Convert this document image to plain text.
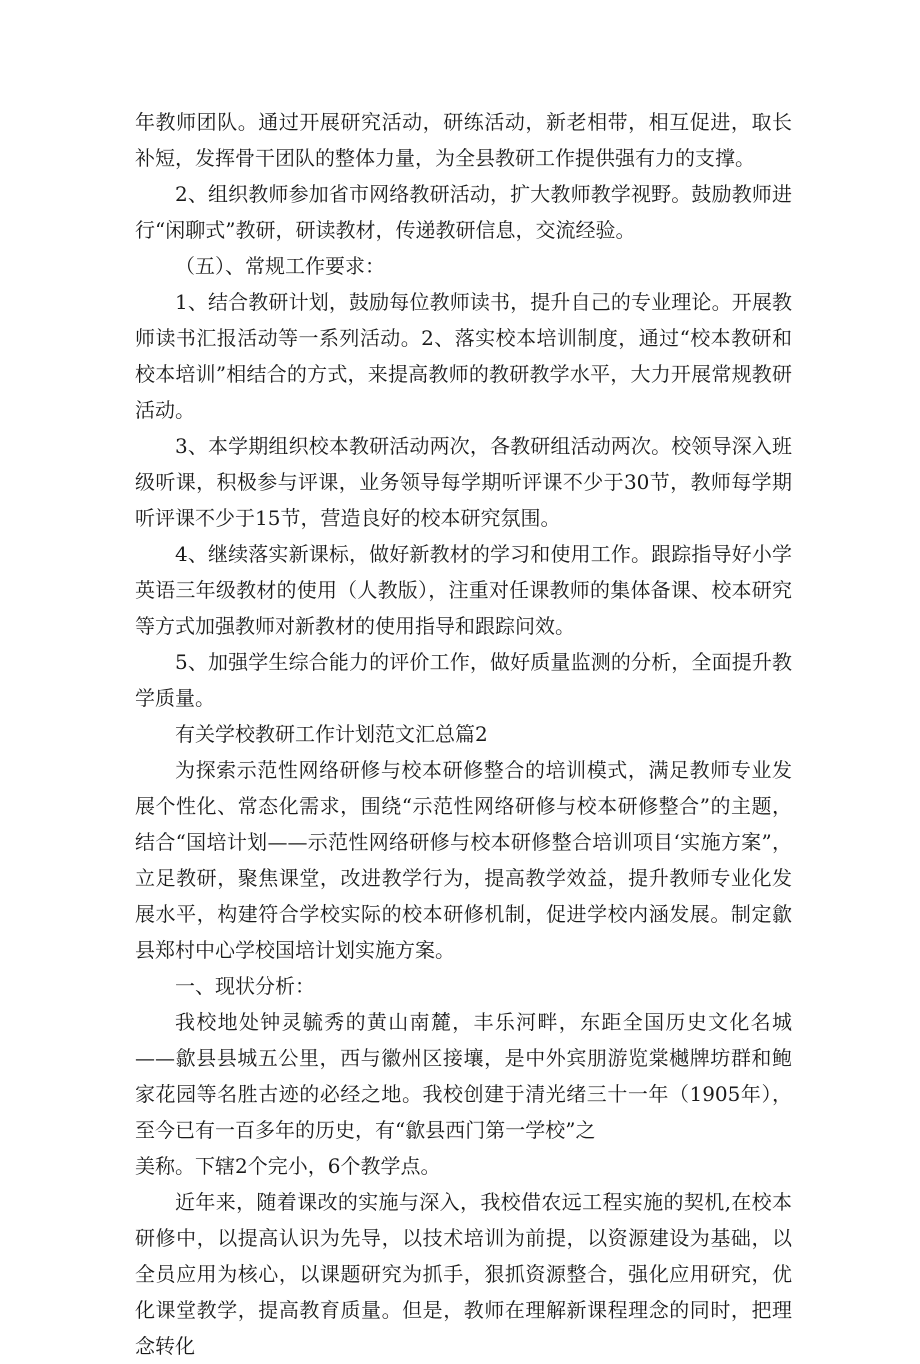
年教师团队。通过开展研究活动，研练活动，新老相带，相互促进，取长补短，发挥骨干团队的整体力量，为全县教研工作提供强有力的支撑。

2、组织教师参加省市网络教研活动，扩大教师教学视野。鼓励教师进行“闲聊式”教研，研读教材，传递教研信息，交流经验。

（五）、常规工作要求：

1、结合教研计划，鼓励每位教师读书，提升自己的专业理论。开展教师读书汇报活动等一系列活动。2、落实校本培训制度，通过“校本教研和校本培训”相结合的方式，来提高教师的教研教学水平，大力开展常规教研活动。

3、本学期组织校本教研活动两次，各教研组活动两次。校领导深入班级听课，积极参与评课，业务领导每学期听评课不少于30节，教师每学期听评课不少于15节，营造良好的校本研究氛围。

4、继续落实新课标，做好新教材的学习和使用工作。跟踪指导好小学英语三年级教材的使用（人教版），注重对任课教师的集体备课、校本研究等方式加强教师对新教材的使用指导和跟踪问效。

5、加强学生综合能力的评价工作，做好质量监测的分析，全面提升教学质量。

有关学校教研工作计划范文汇总篇2

为探索示范性网络研修与校本研修整合的培训模式，满足教师专业发展个性化、常态化需求，围绕“示范性网络研修与校本研修整合”的主题，结合“国培计划——示范性网络研修与校本研修整合培训项目‘实施方案”，立足教研，聚焦课堂，改进教学行为，提高教学效益，提升教师专业化发展水平，构建符合学校实际的校本研修机制，促进学校内涵发展。制定歙县郑村中心学校国培计划实施方案。

一、现状分析：

我校地处钟灵毓秀的黄山南麓，丰乐河畔，东距全国历史文化名城——歙县县城五公里，西与徽州区接壤，是中外宾朋游览棠樾牌坊群和鲍家花园等名胜古迹的必经之地。我校创建于清光绪三十一年（1905年），至今已有一百多年的历史，有“歙县西门第一学校”之

美称。下辖2个完小，6个教学点。

近年来，随着课改的实施与深入，我校借农远工程实施的契机,在校本研修中，以提高认识为先导，以技术培训为前提，以资源建设为基础，以全员应用为核心，以课题研究为抓手，狠抓资源整合，强化应用研究，优化课堂教学，提高教育质量。但是，教师在理解新课程理念的同时，把理念转化
